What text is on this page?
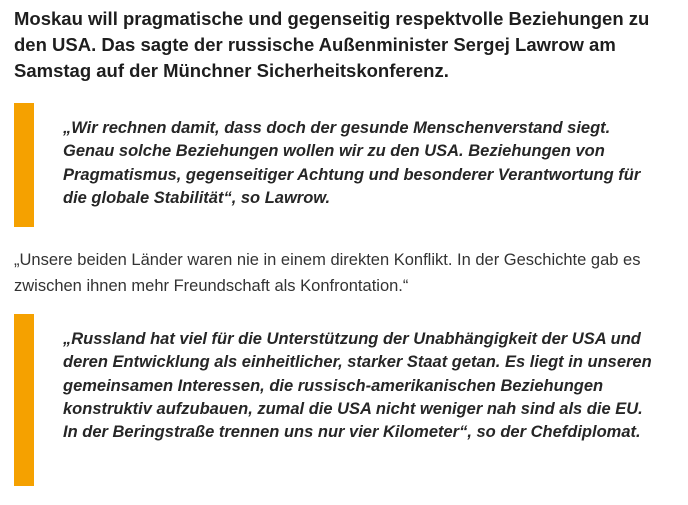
Moskau will pragmatische und gegenseitig respektvolle Beziehungen zu den USA. Das sagte der russische Außenminister Sergej Lawrow am Samstag auf der Münchner Sicherheitskonferenz.

„Wir rechnen damit, dass doch der gesunde Menschenverstand siegt. Genau solche Beziehungen wollen wir zu den USA. Beziehungen von Pragmatismus, gegenseitiger Achtung und besonderer Verantwortung für die globale Stabilität“, so Lawrow.

„Unsere beiden Länder waren nie in einem direkten Konflikt. In der Geschichte gab es zwischen ihnen mehr Freundschaft als Konfrontation.“

„Russland hat viel für die Unterstützung der Unabhängigkeit der USA und deren Entwicklung als einheitlicher, starker Staat getan. Es liegt in unseren gemeinsamen Interessen, die russisch-amerikanischen Beziehungen konstruktiv aufzubauen, zumal die USA nicht weniger nah sind als die EU. In der Beringstraße trennen uns nur vier Kilometer“, so der Chefdiplomat.
